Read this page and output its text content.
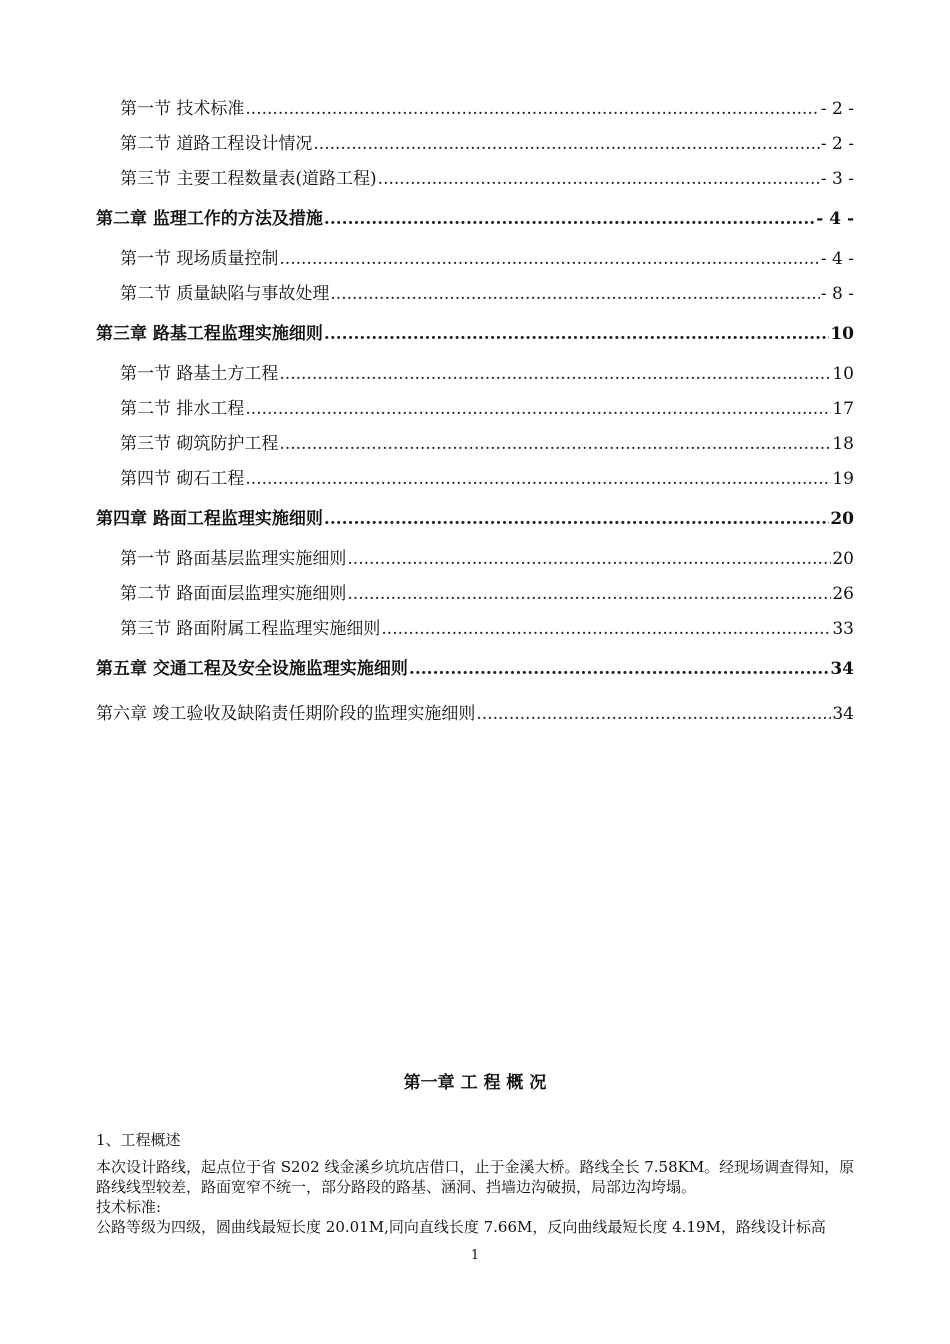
第一节 技术标准 .....	- 2 -
第二节 道路工程设计情况 .....	- 2 -
第三节 主要工程数量表(道路工程) .....	- 3 -
第二章 监理工作的方法及措施 .....	- 4 -
第一节 现场质量控制 .....	- 4 -
第二节 质量缺陷与事故处理 .....	- 8 -
第三章 路基工程监理实施细则 .....	10
第一节 路基土方工程 .....	10
第二节 排水工程 .....	17
第三节 砌筑防护工程 .....	18
第四节 砌石工程 .....	19
第四章 路面工程监理实施细则 .....	20
第一节 路面基层监理实施细则 .....	20
第二节 路面面层监理实施细则 .....	26
第三节 路面附属工程监理实施细则 .....	33
第五章 交通工程及安全设施监理实施细则 .....	34
第六章 竣工验收及缺陷责任期阶段的监理实施细则 .....	34
第一章 工 程 概 况
1、工程概述
本次设计路线，起点位于省 S202 线金溪乡坑坑店借口，止于金溪大桥。路线全长 7.58KM。经现场调查得知，原路线线型较差，路面宽窄不统一，部分路段的路基、涵洞、挡墙边沟破损，局部边沟垮塌。
技术标准:
公路等级为四级，圆曲线最短长度 20.01M,同向直线长度 7.66M，反向曲线最短长度 4.19M，路线设计标高
1
